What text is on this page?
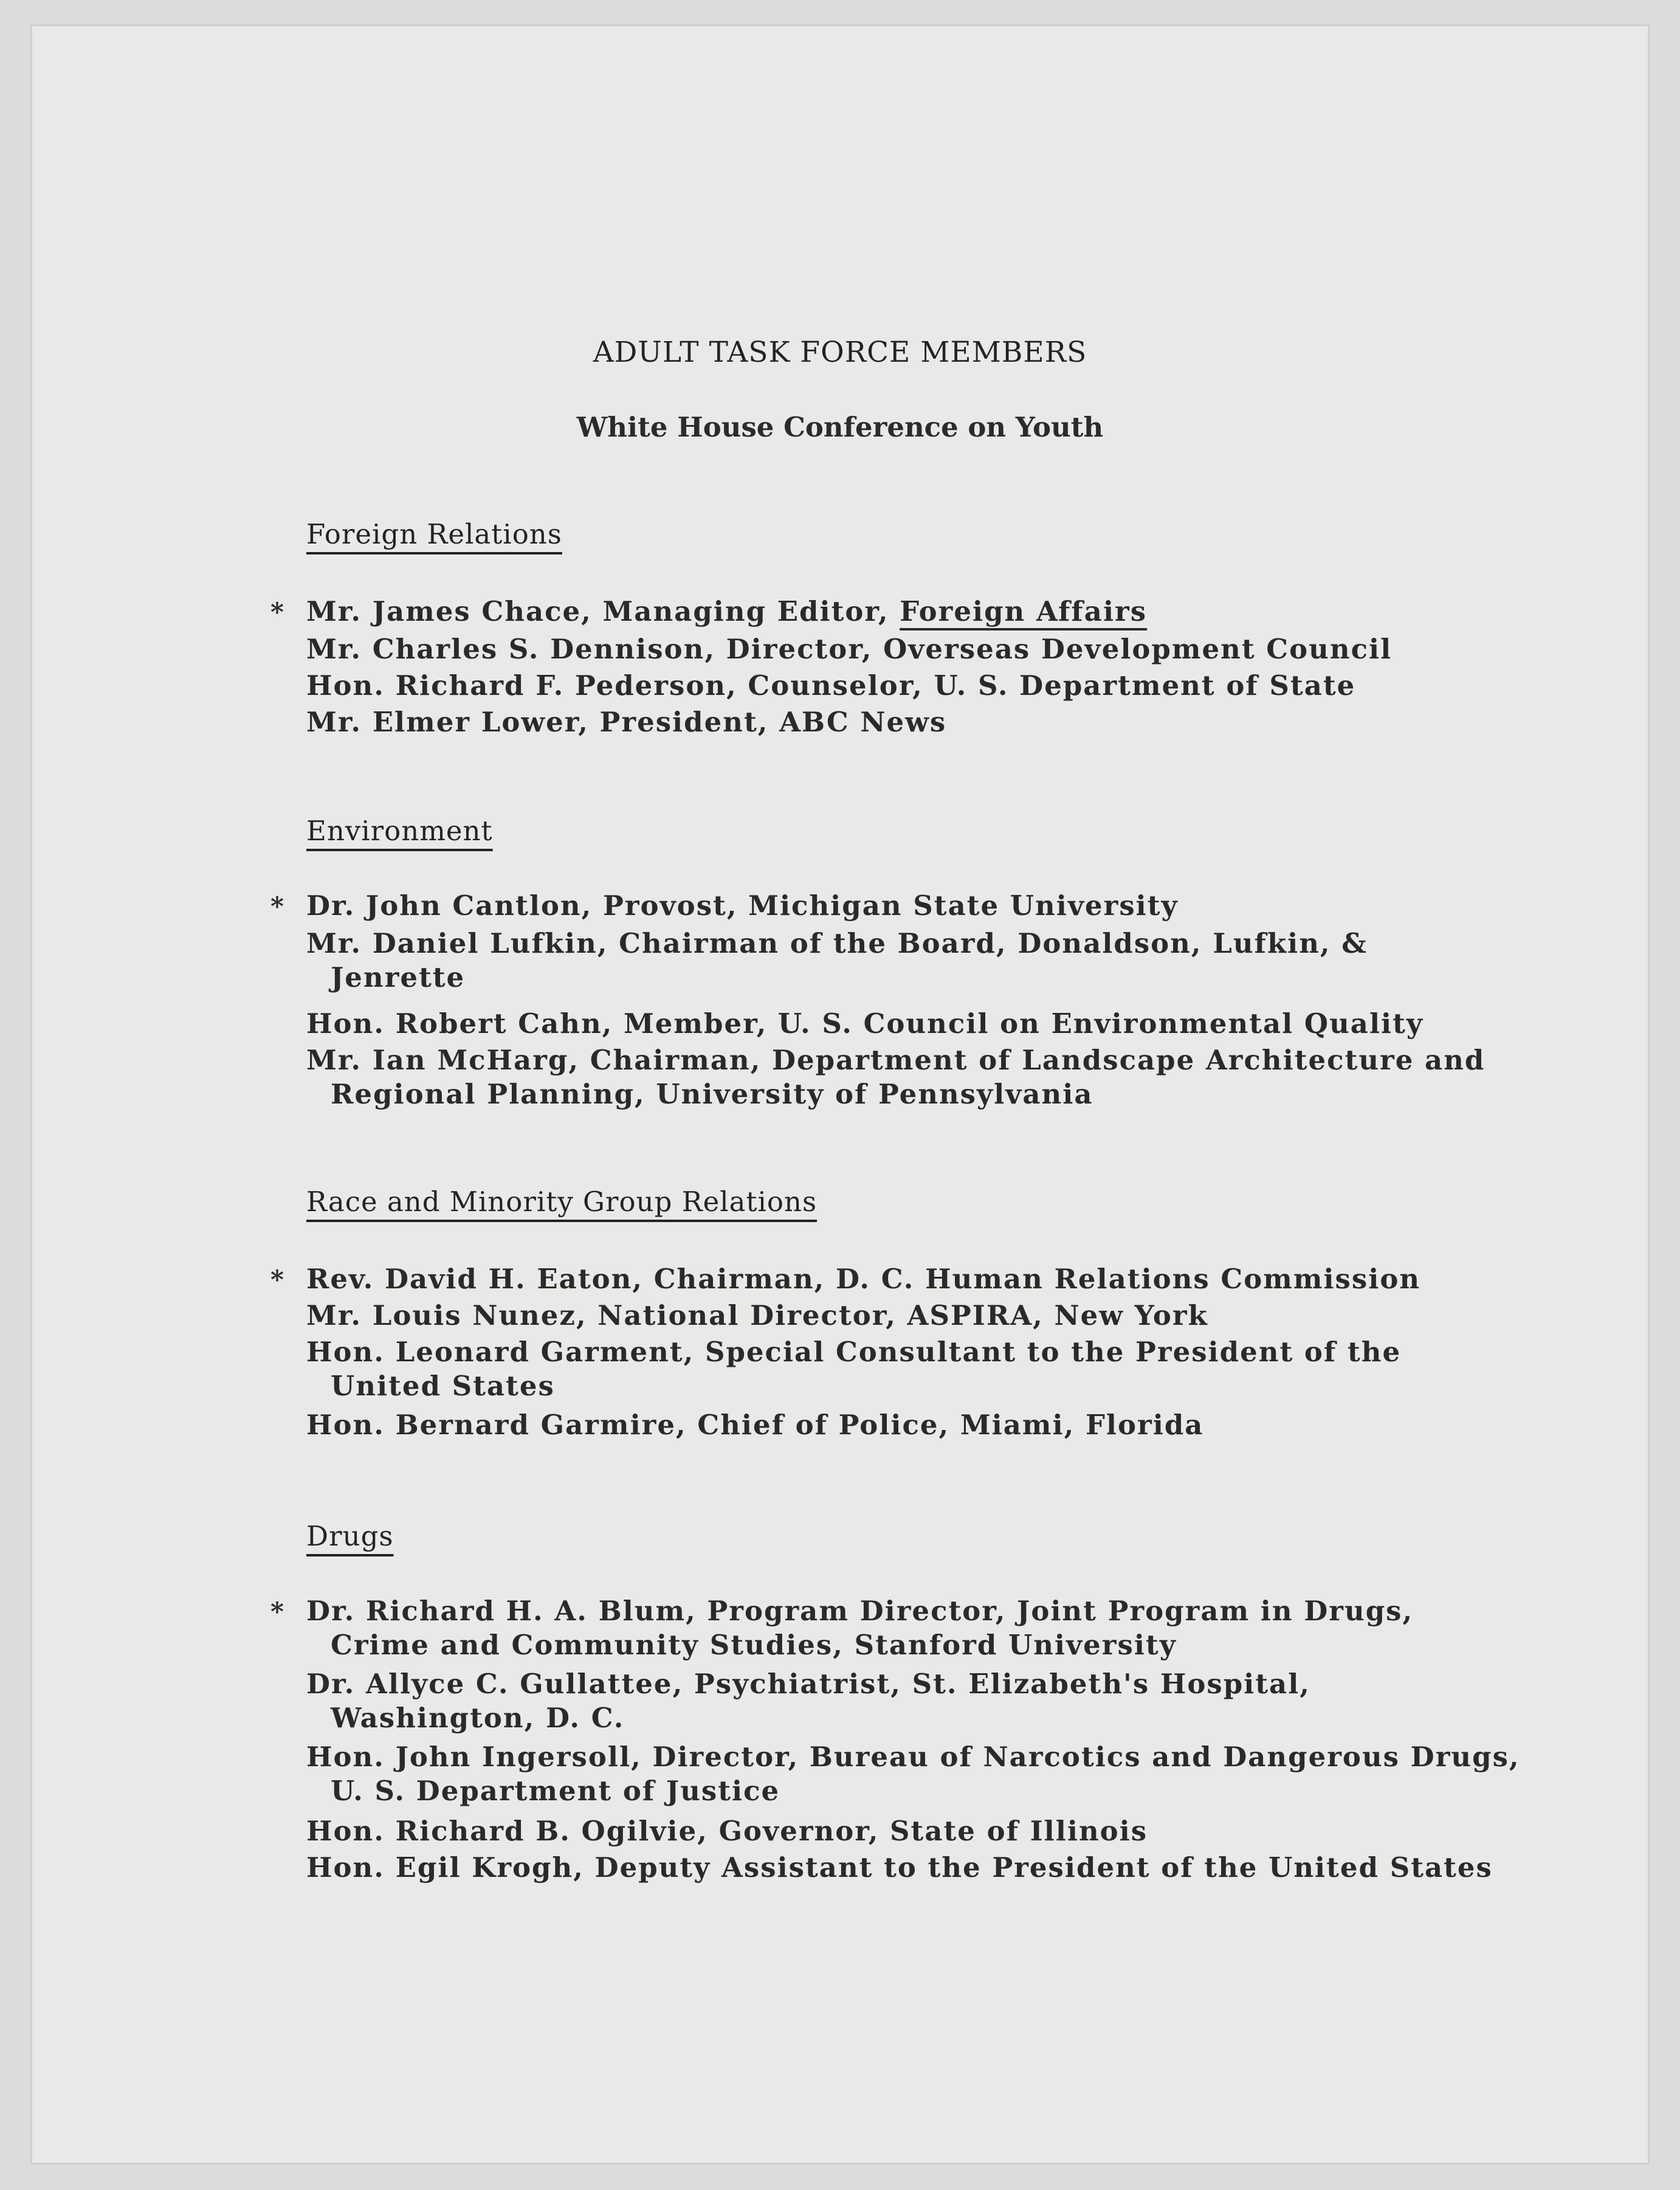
ADULT TASK FORCE MEMBERS
White House Conference on Youth
Foreign Relations
* Mr. James Chace, Managing Editor, Foreign Affairs
Mr. Charles S. Dennison, Director, Overseas Development Council
Hon. Richard F. Pederson, Counselor, U. S. Department of State
Mr. Elmer Lower, President, ABC News
Environment
* Dr. John Cantlon, Provost, Michigan State University
Mr. Daniel Lufkin, Chairman of the Board, Donaldson, Lufkin, &
Jenrette
Hon. Robert Cahn, Member, U. S. Council on Environmental Quality
Mr. Ian McHarg, Chairman, Department of Landscape Architecture and
Regional Planning, University of Pennsylvania
Race and Minority Group Relations
* Rev. David H. Eaton, Chairman, D. C. Human Relations Commission
Mr. Louis Nunez, National Director, ASPIRA, New York
Hon. Leonard Garment, Special Consultant to the President of the
United States
Hon. Bernard Garmire, Chief of Police, Miami, Florida
Drugs
* Dr. Richard H. A. Blum, Program Director, Joint Program in Drugs,
Crime and Community Studies, Stanford University
Dr. Allyce C. Gullattee, Psychiatrist, St. Elizabeth's Hospital,
Washington, D. C.
Hon. John Ingersoll, Director, Bureau of Narcotics and Dangerous Drugs,
U. S. Department of Justice
Hon. Richard B. Ogilvie, Governor, State of Illinois
Hon. Egil Krogh, Deputy Assistant to the President of the United States
